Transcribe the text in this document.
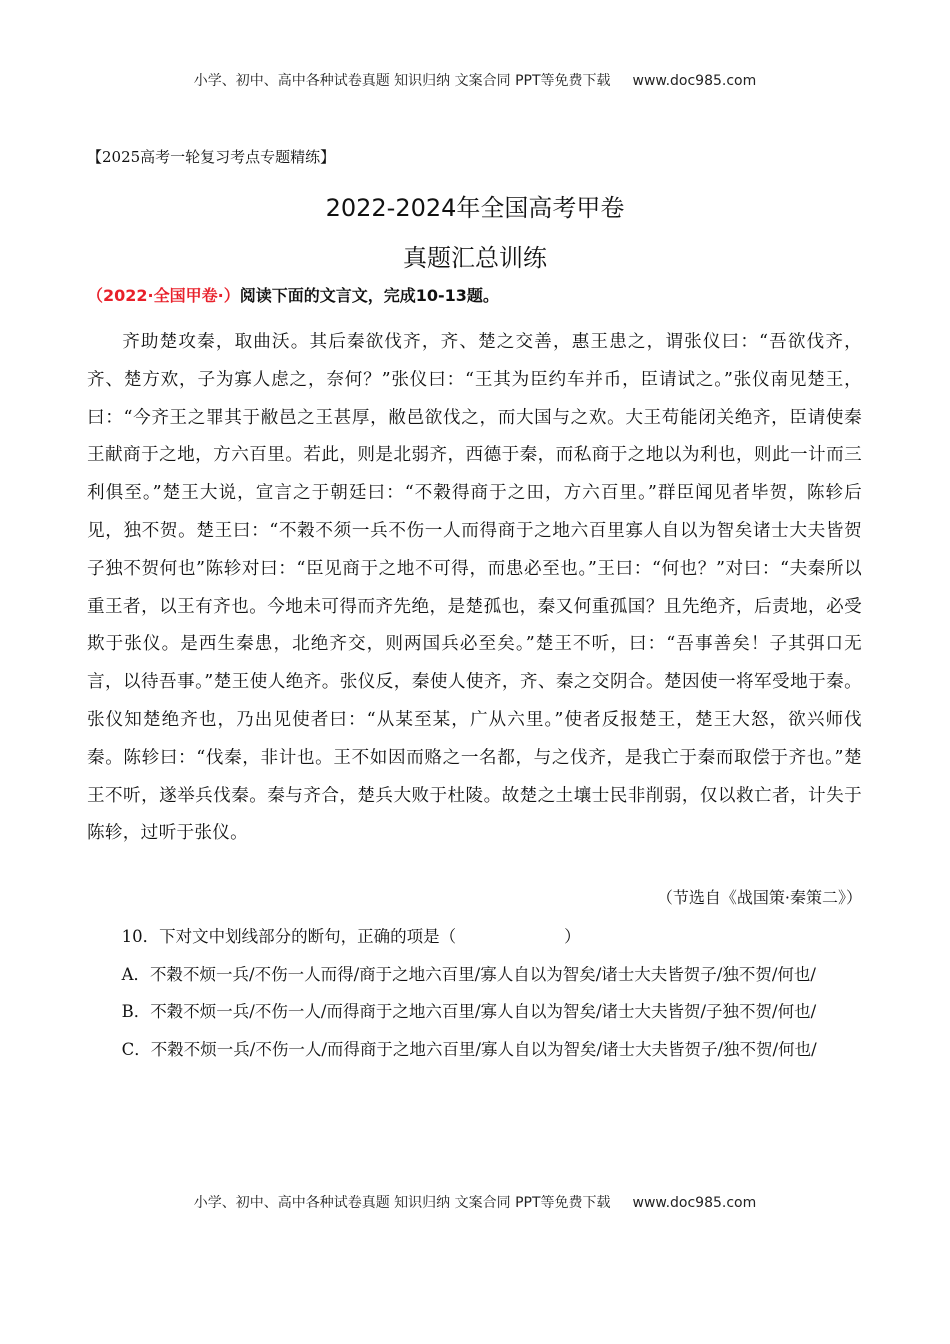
小学、初中、高中各种试卷真题 知识归纳 文案合同 PPT等免费下载 www.doc985.com
【2025高考一轮复习考点专题精练】
2022-2024年全国高考甲卷
真题汇总训练
（2022·全国甲卷·）阅读下面的文言文，完成10-13题。

齐助楚攻秦，取曲沃。其后秦欲伐齐，齐、楚之交善，惠王患之，谓张仪曰：“吾欲伐齐，齐、楚方欢，子为寡人虑之，奈何？”张仪曰：“王其为臣约车并币，臣请试之。”张仪南见楚王，曰：“今齐王之罪其于敝邑之王甚厚，敝邑欲伐之，而大国与之欢。大王苟能闭关绝齐，臣请使秦王献商于之地，方六百里。若此，则是北弱齐，西德于秦，而私商于之地以为利也，则此一计而三利俱至。”楚王大说，宣言之于朝廷曰：“不穀得商于之田，方六百里。”群臣闻见者毕贺，陈轸后见，独不贺。楚王曰：“不穀不须一兵不伤一人而得商于之地六百里寡人自以为智矣诸士大夫皆贺子独不贺何也”陈轸对曰：“臣见商于之地不可得，而患必至也。”王曰：“何也？”对曰：“夫秦所以重王者，以王有齐也。今地未可得而齐先绝，是楚孤也，秦又何重孤国？且先绝齐，后责地，必受欺于张仪。是西生秦患，北绝齐交，则两国兵必至矣。”楚王不听，曰：“吾事善矣！子其弭口无言，以待吾事。”楚王使人绝齐。张仪反，秦使人使齐，齐、秦之交阴合。楚因使一将军受地于秦。张仪知楚绝齐也，乃出见使者曰：“从某至某，广从六里。”使者反报楚王，楚王大怒，欲兴师伐秦。陈轸曰：“伐秦，非计也。王不如因而赂之一名都，与之伐齐，是我亡于秦而取偿于齐也。”楚王不听，遂举兵伐秦。秦与齐合，楚兵大败于杜陵。故楚之土壤士民非削弱，仅以救亡者，计失于陈轸，过听于张仪。

（节选自《战国策·秦策二》）

10．下对文中划线部分的断句，正确的项是（	）

A．不穀不烦一兵/不伤一人而得/商于之地六百里/寡人自以为智矣/诸士大夫皆贺子/独不贺/何也/

B．不穀不烦一兵/不伤一人/而得商于之地六百里/寡人自以为智矣/诸士大夫皆贺/子独不贺/何也/

C．不穀不烦一兵/不伤一人/而得商于之地六百里/寡人自以为智矣/诸士大夫皆贺子/独不贺/何也/

小学、初中、高中各种试卷真题 知识归纳 文案合同 PPT等免费下载 www.doc985.com
